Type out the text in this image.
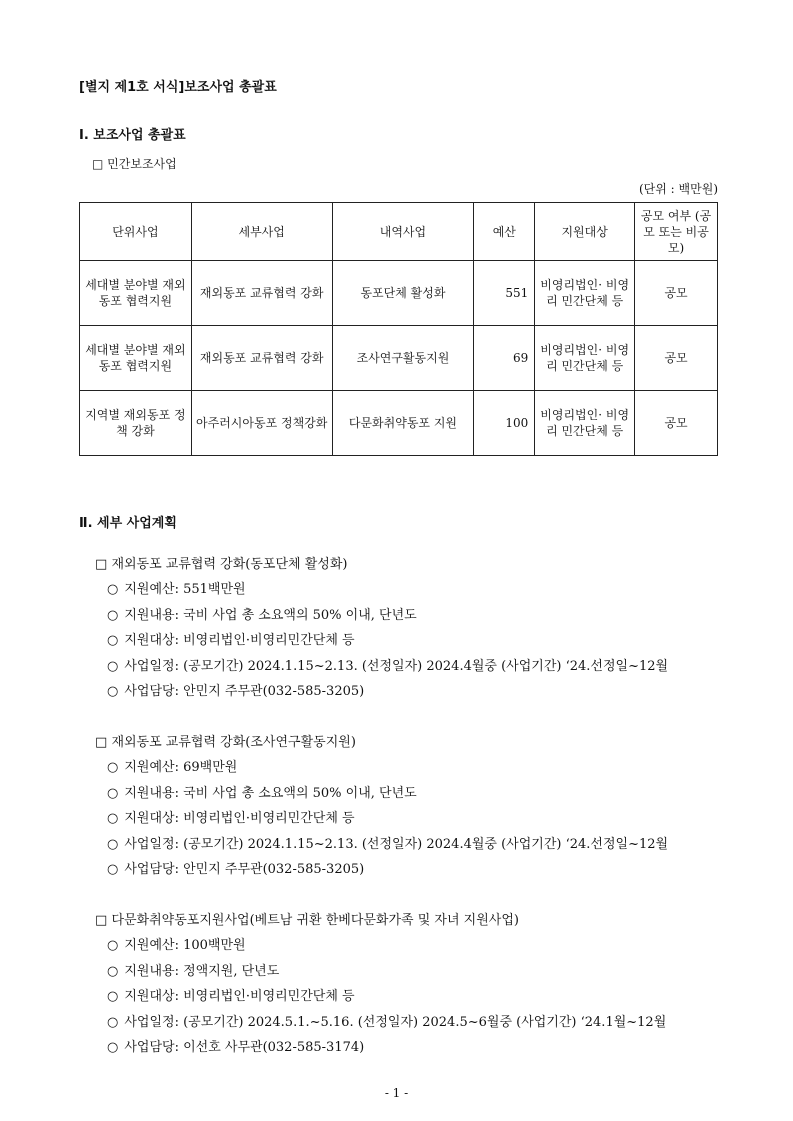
[별지 제1호 서식]보조사업 총괄표
Ⅰ. 보조사업 총괄표
□ 민간보조사업
(단위 : 백만원)
단위사업	세부사업	내역사업	예산	지원대상	공모 여부 (공모 또는 비공모)
세대별 분야별 재외동포 협력지원	재외동포 교류협력 강화	동포단체 활성화	551	비영리법인· 비영리 민간단체 등	공모
세대별 분야별 재외동포 협력지원	재외동포 교류협력 강화	조사연구활동지원	69	비영리법인· 비영리 민간단체 등	공모
지역별 재외동포 정책 강화	아주러시아동포 정책강화	다문화취약동포 지원	100	비영리법인· 비영리 민간단체 등	공모
Ⅱ. 세부 사업계획
□ 재외동포 교류협력 강화(동포단체 활성화)
○ 지원예산: 551백만원
○ 지원내용: 국비 사업 총 소요액의 50% 이내, 단년도
○ 지원대상: 비영리법인·비영리민간단체 등
○ 사업일정: (공모기간) 2024.1.15~2.13. (선정일자) 2024.4월중 (사업기간) ‘24.선정일~12월
○ 사업담당: 안민지 주무관(032-585-3205)
□ 재외동포 교류협력 강화(조사연구활동지원)
○ 지원예산: 69백만원
○ 지원내용: 국비 사업 총 소요액의 50% 이내, 단년도
○ 지원대상: 비영리법인·비영리민간단체 등
○ 사업일정: (공모기간) 2024.1.15~2.13. (선정일자) 2024.4월중 (사업기간) ‘24.선정일~12월
○ 사업담당: 안민지 주무관(032-585-3205)
□ 다문화취약동포지원사업(베트남 귀환 한베다문화가족 및 자녀 지원사업)
○ 지원예산: 100백만원
○ 지원내용: 정액지원, 단년도
○ 지원대상: 비영리법인·비영리민간단체 등
○ 사업일정: (공모기간) 2024.5.1.~5.16. (선정일자) 2024.5~6월중 (사업기간) ‘24.1월~12월
○ 사업담당: 이선호 사무관(032-585-3174)
- 1 -
